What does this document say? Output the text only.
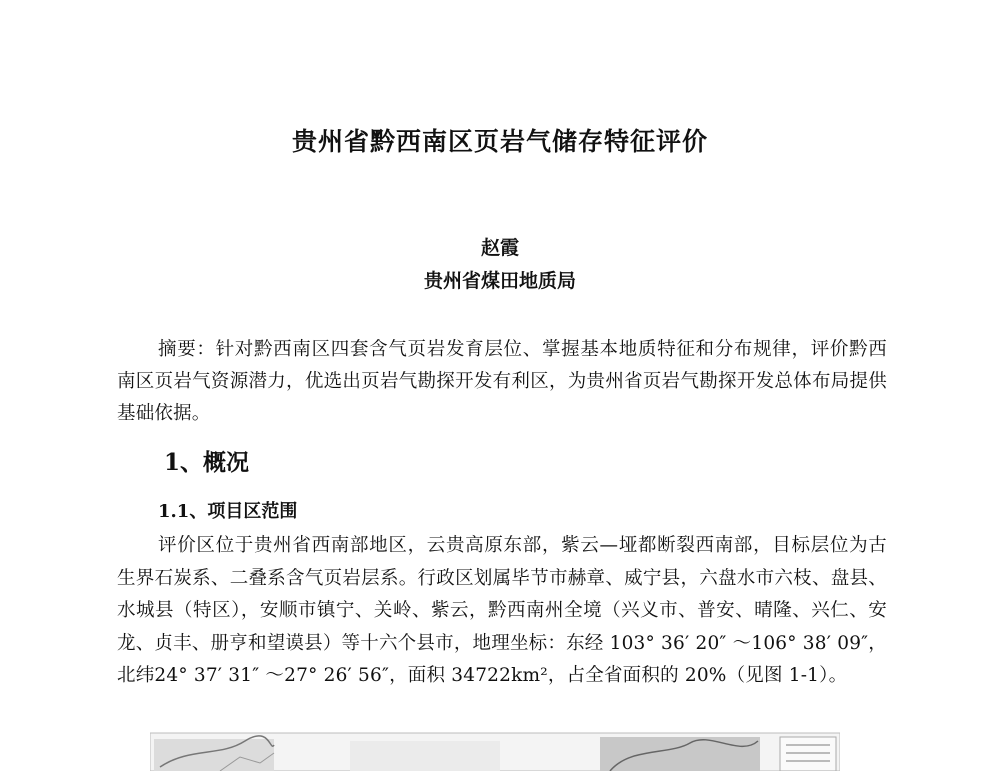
贵州省黔西南区页岩气储存特征评价
赵霞
贵州省煤田地质局

摘要：针对黔西南区四套含气页岩发育层位、掌握基本地质特征和分布规律，评价黔西南区页岩气资源潜力，优选出页岩气勘探开发有利区，为贵州省页岩气勘探开发总体布局提供基础依据。

1、概况
1.1、项目区范围

评价区位于贵州省西南部地区，云贵高原东部，紫云—垭都断裂西南部，目标层位为古生界石炭系、二叠系含气页岩层系。行政区划属毕节市赫章、威宁县，六盘水市六枝、盘县、水城县（特区），安顺市镇宁、关岭、紫云，黔西南州全境（兴义市、普安、晴隆、兴仁、安龙、贞丰、册亨和望谟县）等十六个县市，地理坐标：东经 103° 36′ 20″ ～106° 38′ 09″，北纬24° 37′ 31″ ～27° 26′ 56″，面积 34722km²，占全省面积的 20%（见图 1-1）。
